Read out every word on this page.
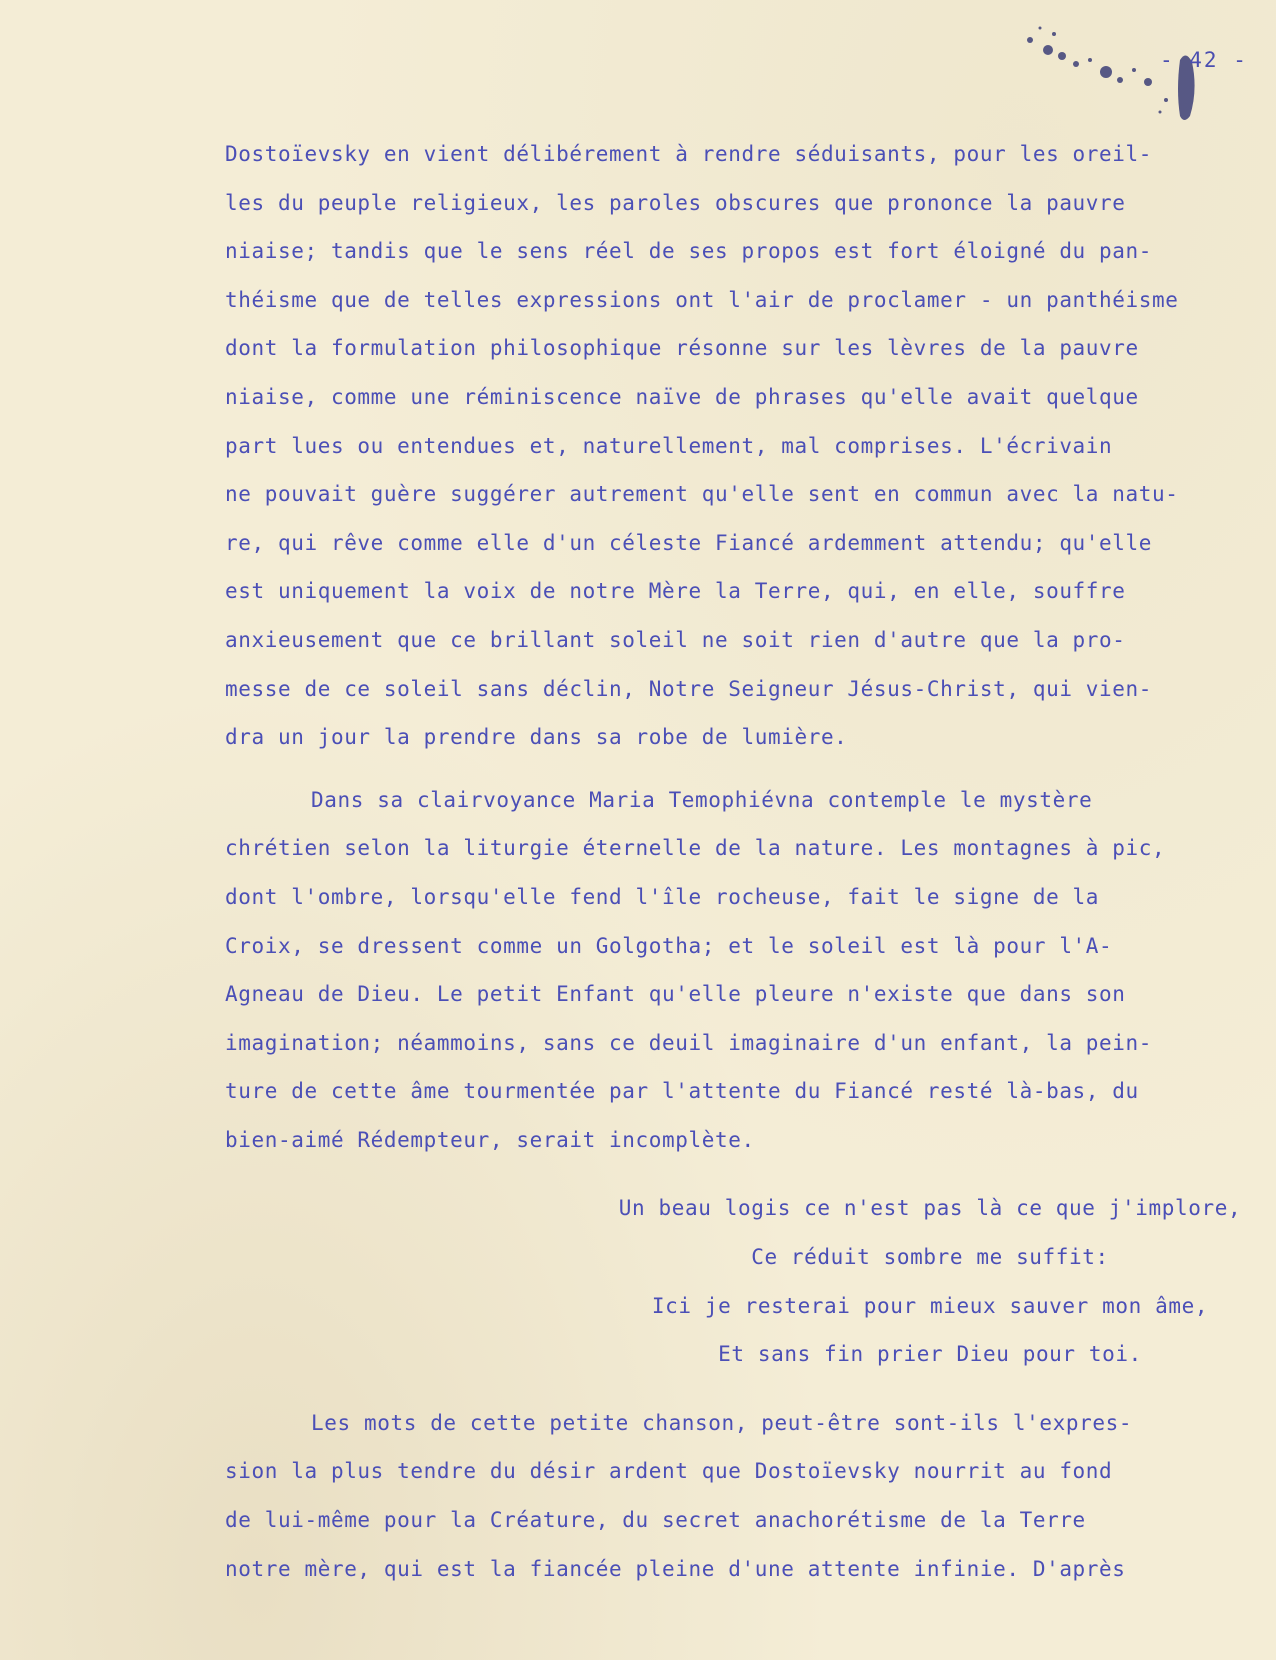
- 42 -
Dostoïevsky en vient délibérement à rendre séduisants, pour les oreil-
les du peuple religieux, les paroles obscures que prononce la pauvre
niaise; tandis que le sens réel de ses propos est fort éloigné du pan-
théisme que de telles expressions ont l'air de proclamer - un panthéisme
dont la formulation philosophique résonne sur les lèvres de la pauvre
niaise, comme une réminiscence naïve de phrases qu'elle avait quelque
part lues ou entendues et, naturellement, mal comprises. L'écrivain
ne pouvait guère suggérer autrement qu'elle sent en commun avec la natu-
re, qui rêve comme elle d'un céleste Fiancé ardemment attendu; qu'elle
est uniquement la voix de notre Mère la Terre, qui, en elle, souffre
anxieusement que ce brillant soleil ne soit rien d'autre que la pro-
messe de ce soleil sans déclin, Notre Seigneur Jésus-Christ, qui vien-
dra un jour la prendre dans sa robe de lumière.
Dans sa clairvoyance Maria Temophiévna contemple le mystère
chrétien selon la liturgie éternelle de la nature. Les montagnes à pic,
dont l'ombre, lorsqu'elle fend l'île rocheuse, fait le signe de la
Croix, se dressent comme un Golgotha; et le soleil est là pour l'A-
Agneau de Dieu. Le petit Enfant qu'elle pleure n'existe que dans son
imagination; néammoins, sans ce deuil imaginaire d'un enfant, la pein-
ture de cette âme tourmentée par l'attente du Fiancé resté là-bas, du
bien-aimé Rédempteur, serait incomplète.
Un beau logis ce n'est pas là ce que j'implore,
Ce réduit sombre me suffit:
Ici je resterai pour mieux sauver mon âme,
Et sans fin prier Dieu pour toi.
Les mots de cette petite chanson, peut-être sont-ils l'expres-
sion la plus tendre du désir ardent que Dostoïevsky nourrit au fond
de lui-même pour la Créature, du secret anachorétisme de la Terre
notre mère, qui est la fiancée pleine d'une attente infinie. D'après
